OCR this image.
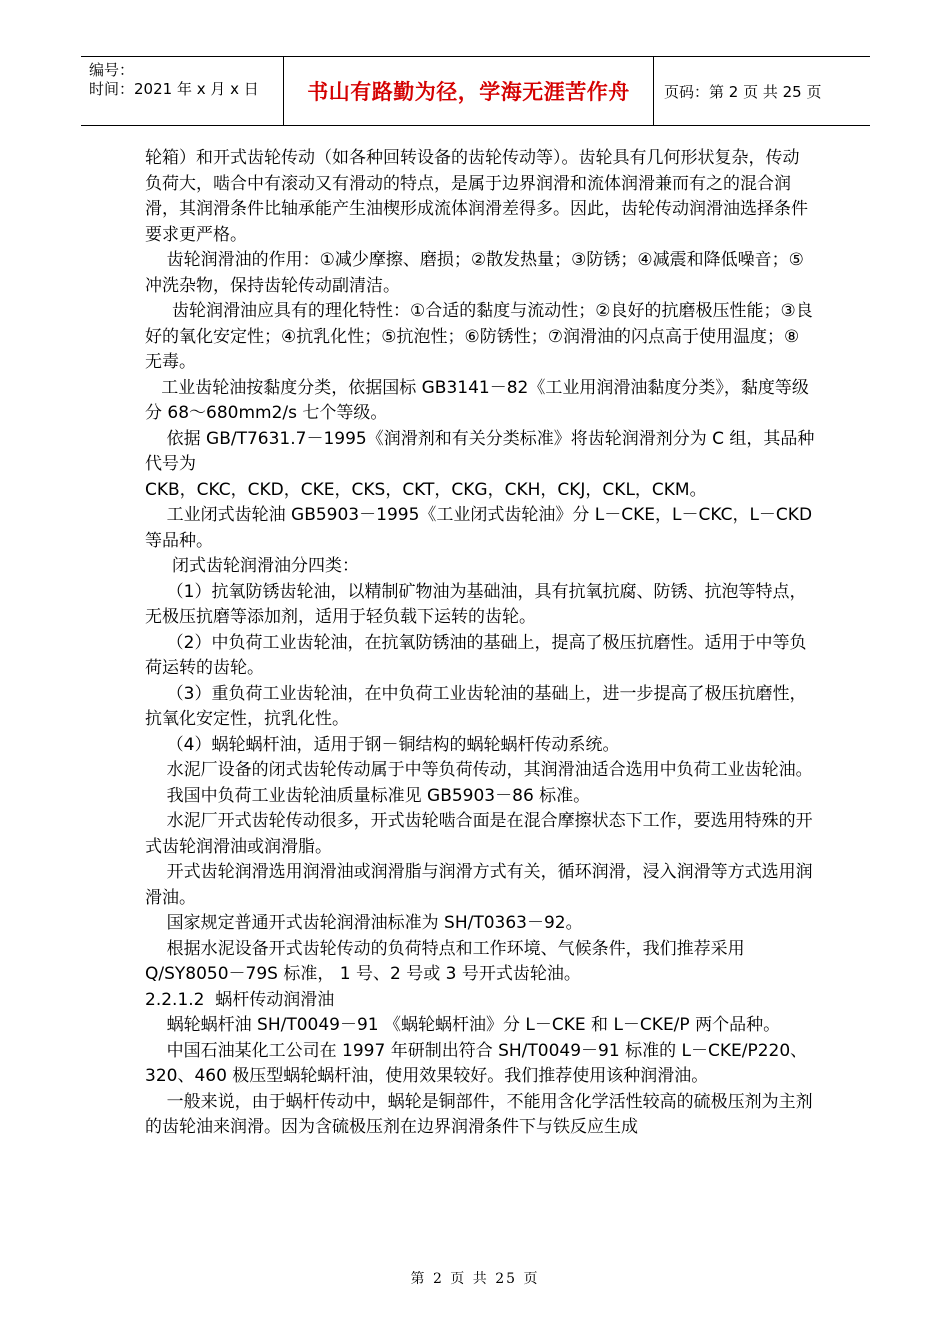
编号：
时间：2021 年 x 月 x 日	书山有路勤为径，学海无涯苦作舟	页码：第 2 页 共 25 页

轮箱）和开式齿轮传动（如各种回转设备的齿轮传动等）。齿轮具有几何形状复杂，传动负荷大，啮合中有滚动又有滑动的特点，是属于边界润滑和流体润滑兼而有之的混合润滑，其润滑条件比轴承能产生油楔形成流体润滑差得多。因此，齿轮传动润滑油选择条件要求更严格。

齿轮润滑油的作用：①减少摩擦、磨损；②散发热量；③防锈；④减震和降低噪音；⑤冲洗杂物，保持齿轮传动副清洁。

齿轮润滑油应具有的理化特性：①合适的黏度与流动性；②良好的抗磨极压性能；③良好的氧化安定性；④抗乳化性；⑤抗泡性；⑥防锈性；⑦润滑油的闪点高于使用温度；⑧无毒。

工业齿轮油按黏度分类，依据国标 GB3141－82《工业用润滑油黏度分类》，黏度等级分 68～680mm2/s 七个等级。

依据 GB/T7631.7－1995《润滑剂和有关分类标准》将齿轮润滑剂分为 C 组，其品种代号为

CKB，CKC，CKD，CKE，CKS，CKT，CKG，CKH，CKJ，CKL，CKM。

工业闭式齿轮油 GB5903－1995《工业闭式齿轮油》分 L－CKE，L－CKC，L－CKD 等品种。

闭式齿轮润滑油分四类：

（1）抗氧防锈齿轮油，以精制矿物油为基础油，具有抗氧抗腐、防锈、抗泡等特点，无极压抗磨等添加剂，适用于轻负载下运转的齿轮。

（2）中负荷工业齿轮油，在抗氧防锈油的基础上，提高了极压抗磨性。适用于中等负荷运转的齿轮。

（3）重负荷工业齿轮油，在中负荷工业齿轮油的基础上，进一步提高了极压抗磨性，抗氧化安定性，抗乳化性。

（4）蜗轮蜗杆油，适用于钢－铜结构的蜗轮蜗杆传动系统。

水泥厂设备的闭式齿轮传动属于中等负荷传动，其润滑油适合选用中负荷工业齿轮油。

我国中负荷工业齿轮油质量标准见 GB5903－86 标准。

水泥厂开式齿轮传动很多，开式齿轮啮合面是在混合摩擦状态下工作，要选用特殊的开式齿轮润滑油或润滑脂。

开式齿轮润滑选用润滑油或润滑脂与润滑方式有关，循环润滑，浸入润滑等方式选用润滑油。

国家规定普通开式齿轮润滑油标准为 SH/T0363－92。

根据水泥设备开式齿轮传动的负荷特点和工作环境、气候条件，我们推荐采用 Q/SY8050－79S 标准， 1 号、2 号或 3 号开式齿轮油。

2.2.1.2  蜗杆传动润滑油

蜗轮蜗杆油 SH/T0049－91 《蜗轮蜗杆油》分 L－CKE 和 L－CKE/P 两个品种。

中国石油某化工公司在 1997 年研制出符合 SH/T0049－91 标准的 L－CKE/P220、320、460 极压型蜗轮蜗杆油，使用效果较好。我们推荐使用该种润滑油。

一般来说，由于蜗杆传动中，蜗轮是铜部件，不能用含化学活性较高的硫极压剂为主剂的齿轮油来润滑。因为含硫极压剂在边界润滑条件下与铁反应生成

第 2 页 共 25 页
